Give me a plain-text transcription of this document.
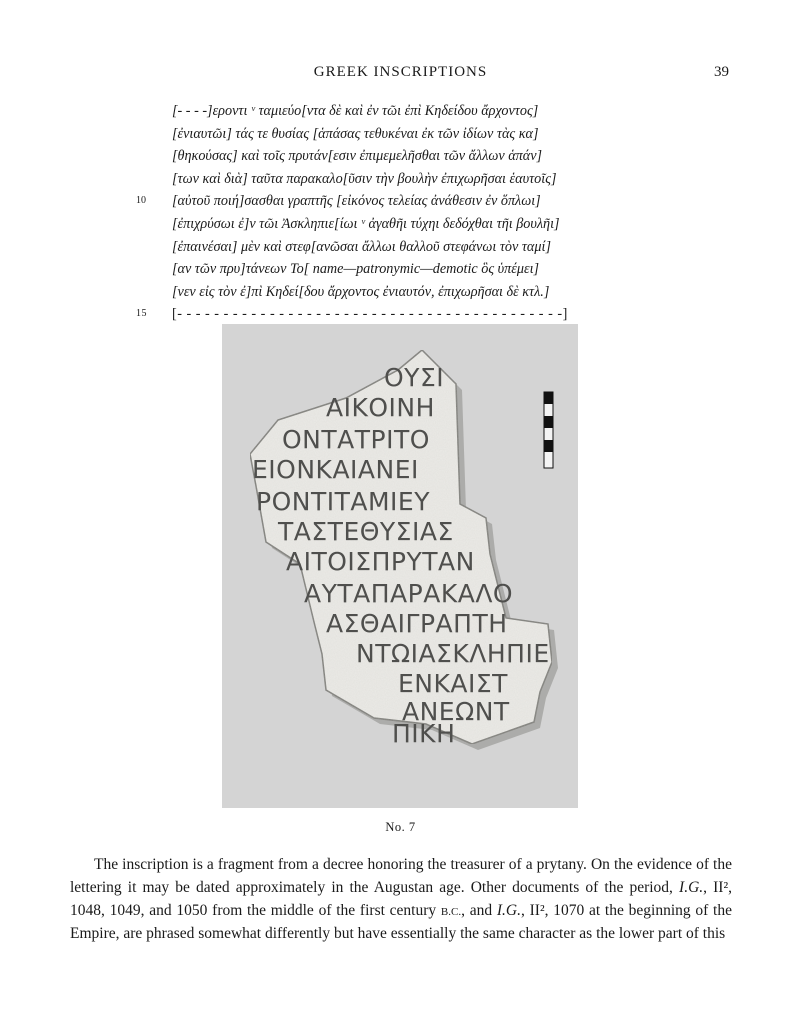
GREEK INSCRIPTIONS	39
[- - - -]ερoντι ᵛ ταμιεύο[ντα δὲ καὶ ἐν τῶι ἐπὶ Κηδείδου ἄρχοντος]
[ἐνιαυτῶι] τάς τε θυσίας [ἁπάσας τεθυκέναι ἐκ τῶν ἰδίων τὰς κα]
[θηκούσας] καὶ τοῖς πρυτάν[εσιν ἐπιμεμελῆσθαι τῶν ἄλλων ἁπάν]
[των καὶ διὰ] ταῦτα παρακαλο[ῦσιν τὴν βουλὴν ἐπιχωρῆσαι ἑαυτοῖς]
10	[αὐτοῦ ποιή]σασθαι γραπτῆς [εἰκόνος τελείας ἀνάθεσιν ἐν ὅπλωι]
[ἐπιχρύσωι ἐ]ν τῶι Ἀσκληπιε[ίωι ᵛ ἀγαθῆι τύχηι δεδόχθαι τῆι βουλῆι]
[ἐπαινέσαι] μὲν καὶ στεφ[ανῶσαι ἄλλωι θαλλοῦ στεφάνωι τὸν ταμί]
[αν τῶν πρυ]τάνεων Το[ name—patronymic—demotic ὃς ὑπέμει]
[νεν εἰς τὸν ἐ]πὶ Κηδεί[δου ἄρχοντος ἐνιαυτόν, ἐπιχωρῆσαι δὲ κτλ.]
15	[- - - - - - - - - - - - - - - - - - - - - - - - - - - - - - - - - - - - - - - - - -]
ΟΥΣΙ
ΑΙΚΟΙΝΗ
ΟΝΤΑΤΡΙΤΟ
ΕΙΟΝΚΑΙΑΝΕΙ
ΡΟΝΤΙΤΑΜΙΕΥ
ΤΑΣΤΕΘΥΣΙΑΣ
ΑΙΤΟΙΣΠΡΥΤΑΝ
ΑΥΤΑΠΑΡΑΚΑΛΟ
ΑΣΘΑΙΓΡΑΠΤΗ
ΝΤΩΙΑΣΚΛΗΠΙΕ
ΕΝΚΑΙΣΤ
ΑΝΕΩΝΤ
ΠΙΚΗ
No. 7

The inscription is a fragment from a decree honoring the treasurer of a prytany. On the evidence of the lettering it may be dated approximately in the Augustan age. Other documents of the period, I.G., II², 1048, 1049, and 1050 from the middle of the first century B.C., and I.G., II², 1070 at the beginning of the Empire, are phrased somewhat differently but have essentially the same character as the lower part of this
